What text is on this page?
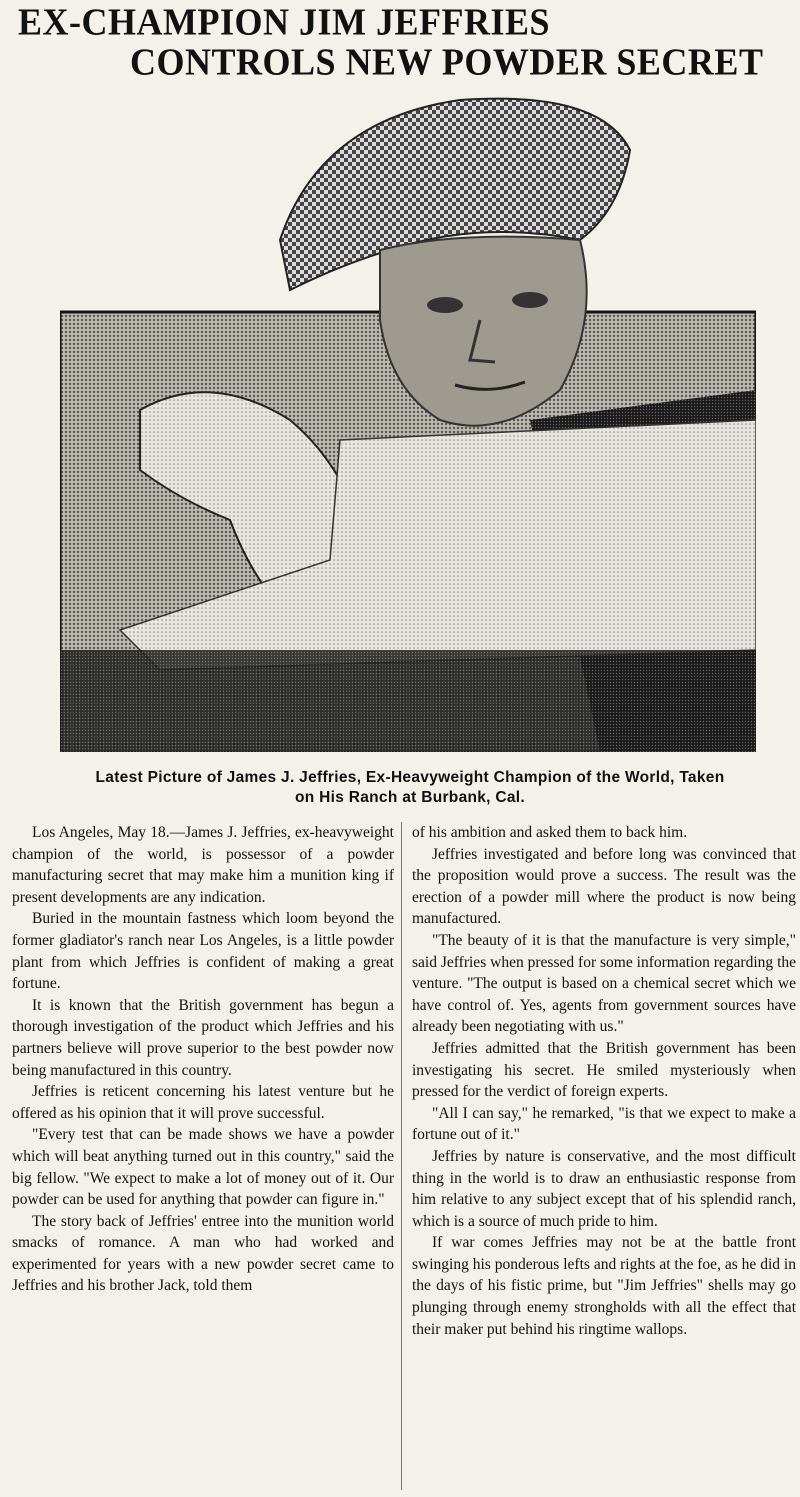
EX-CHAMPION JIM JEFFRIES
CONTROLS NEW POWDER SECRET
Latest Picture of James J. Jeffries, Ex-Heavyweight Champion of the World, Taken
on His Ranch at Burbank, Cal.

Los Angeles, May 18.—James J. Jeffries, ex-heavyweight champion of the world, is possessor of a powder manufacturing secret that may make him a munition king if present developments are any indication.

Buried in the mountain fastness which loom beyond the former gladiator's ranch near Los Angeles, is a little powder plant from which Jeffries is confident of making a great fortune.

It is known that the British government has begun a thorough investigation of the product which Jeffries and his partners believe will prove superior to the best powder now being manufactured in this country.

Jeffries is reticent concerning his latest venture but he offered as his opinion that it will prove successful.

"Every test that can be made shows we have a powder which will beat anything turned out in this country," said the big fellow. "We expect to make a lot of money out of it. Our powder can be used for anything that powder can figure in."

The story back of Jeffries' entree into the munition world smacks of romance. A man who had worked and experimented for years with a new powder secret came to Jeffries and his brother Jack, told them

of his ambition and asked them to back him.

Jeffries investigated and before long was convinced that the proposition would prove a success. The result was the erection of a powder mill where the product is now being manufactured.

"The beauty of it is that the manufacture is very simple," said Jeffries when pressed for some information regarding the venture. "The output is based on a chemical secret which we have control of. Yes, agents from government sources have already been negotiating with us."

Jeffries admitted that the British government has been investigating his secret. He smiled mysteriously when pressed for the verdict of foreign experts.

"All I can say," he remarked, "is that we expect to make a fortune out of it."

Jeffries by nature is conservative, and the most difficult thing in the world is to draw an enthusiastic response from him relative to any subject except that of his splendid ranch, which is a source of much pride to him.

If war comes Jeffries may not be at the battle front swinging his ponderous lefts and rights at the foe, as he did in the days of his fistic prime, but "Jim Jeffries" shells may go plunging through enemy strongholds with all the effect that their maker put behind his ringtime wallops.
